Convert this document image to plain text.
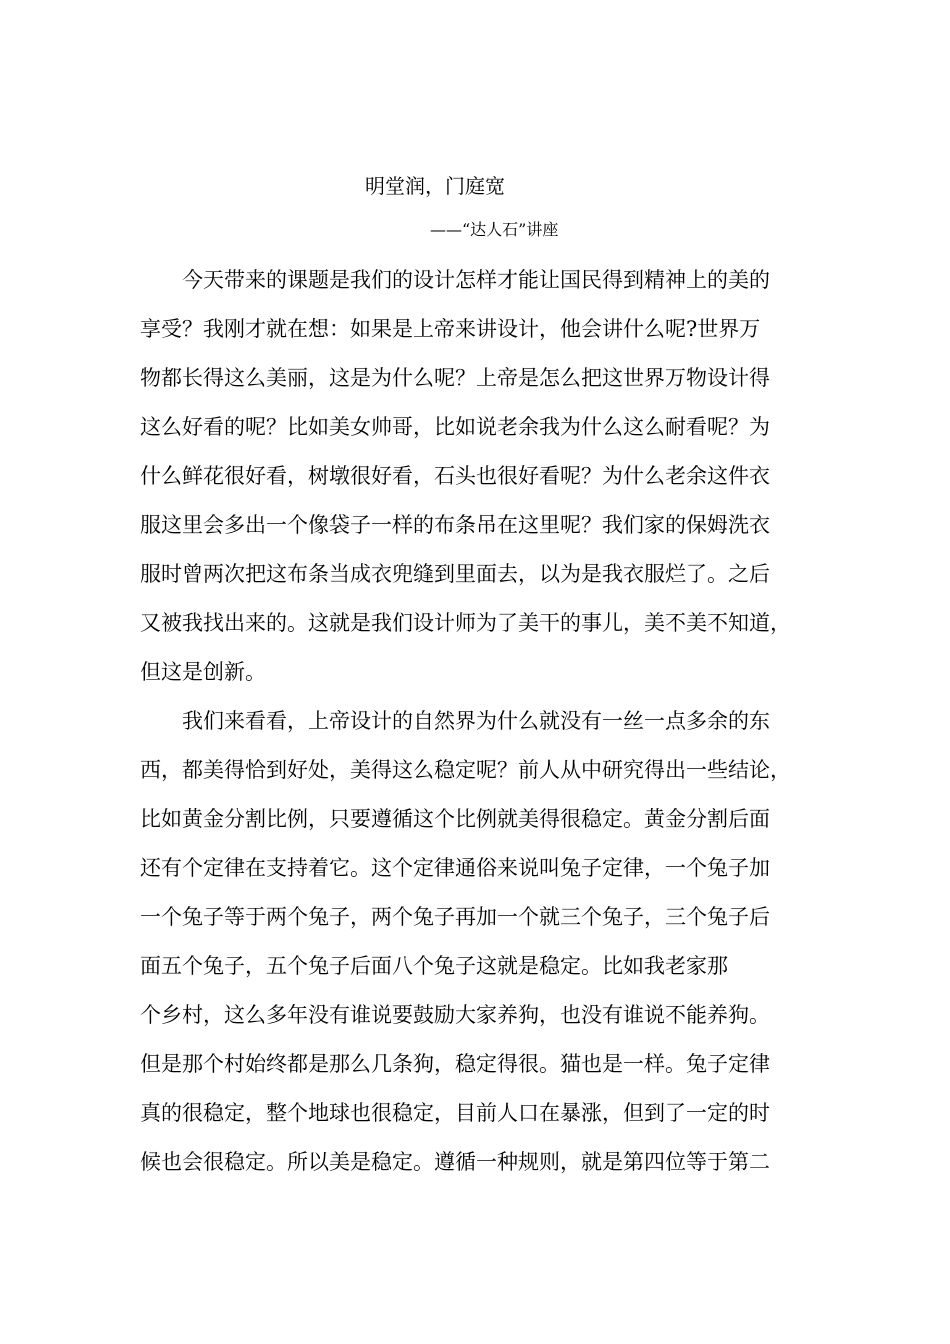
明堂润，门庭宽
——“达人石”讲座
今天带来的课题是我们的设计怎样才能让国民得到精神上的美的
享受？我刚才就在想：如果是上帝来讲设计，他会讲什么呢?世界万
物都长得这么美丽，这是为什么呢？上帝是怎么把这世界万物设计得
这么好看的呢？比如美女帅哥，比如说老余我为什么这么耐看呢？为
什么鲜花很好看，树墩很好看，石头也很好看呢？为什么老余这件衣
服这里会多出一个像袋子一样的布条吊在这里呢？我们家的保姆洗衣
服时曾两次把这布条当成衣兜缝到里面去，以为是我衣服烂了。之后
又被我找出来的。这就是我们设计师为了美干的事儿，美不美不知道，
但这是创新。
我们来看看，上帝设计的自然界为什么就没有一丝一点多余的东
西，都美得恰到好处，美得这么稳定呢？前人从中研究得出一些结论，
比如黄金分割比例，只要遵循这个比例就美得很稳定。黄金分割后面
还有个定律在支持着它。这个定律通俗来说叫兔子定律，一个兔子加
一个兔子等于两个兔子，两个兔子再加一个就三个兔子，三个兔子后
面五个兔子，五个兔子后面八个兔子这就是稳定。比如我老家那
个乡村，这么多年没有谁说要鼓励大家养狗，也没有谁说不能养狗。
但是那个村始终都是那么几条狗，稳定得很。猫也是一样。兔子定律
真的很稳定，整个地球也很稳定，目前人口在暴涨，但到了一定的时
候也会很稳定。所以美是稳定。遵循一种规则，就是第四位等于第二
